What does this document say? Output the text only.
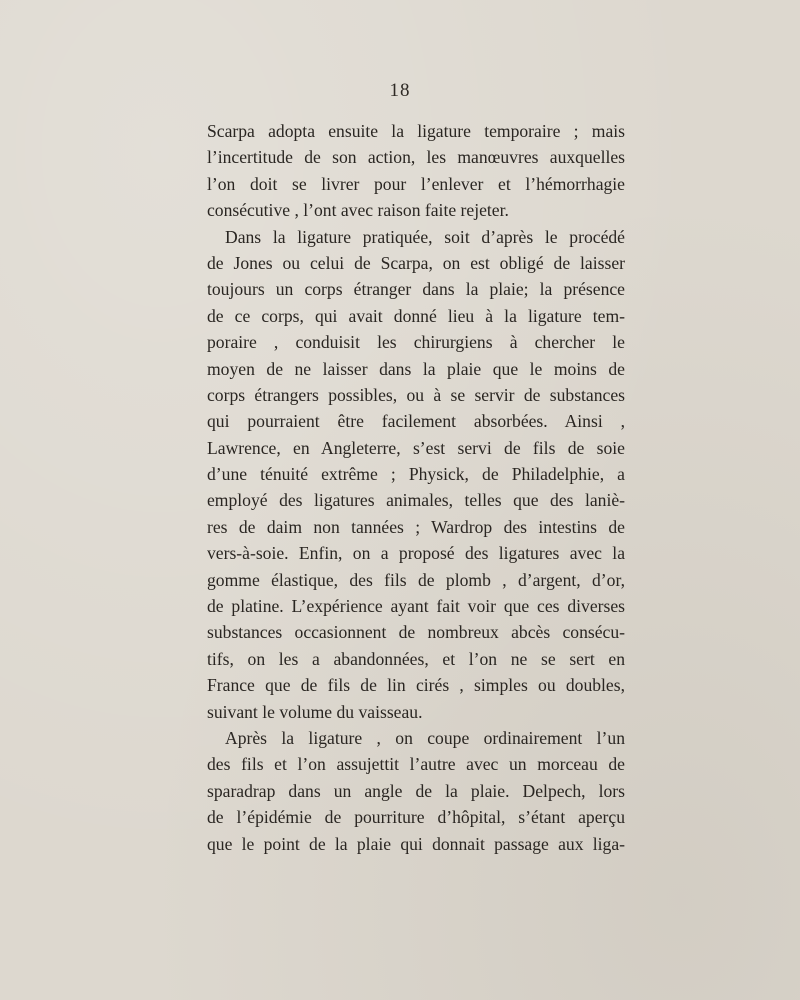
18
Scarpa adopta ensuite la ligature temporaire ; mais
l’incertitude de son action, les manœuvres auxquelles
l’on doit se livrer pour l’enlever et l’hémorrhagie
consécutive , l’ont avec raison faite rejeter.
Dans la ligature pratiquée, soit d’après le procédé
de Jones ou celui de Scarpa, on est obligé de laisser
toujours un corps étranger dans la plaie; la présence
de ce corps, qui avait donné lieu à la ligature tem-
poraire , conduisit les chirurgiens à chercher le
moyen de ne laisser dans la plaie que le moins de
corps étrangers possibles, ou à se servir de substances
qui pourraient être facilement absorbées. Ainsi ,
Lawrence, en Angleterre, s’est servi de fils de soie
d’une ténuité extrême ; Physick, de Philadelphie, a
employé des ligatures animales, telles que des laniè-
res de daim non tannées ; Wardrop des intestins de
vers-à-soie. Enfin, on a proposé des ligatures avec la
gomme élastique, des fils de plomb , d’argent, d’or,
de platine. L’expérience ayant fait voir que ces diverses
substances occasionnent de nombreux abcès consécu-
tifs, on les a abandonnées, et l’on ne se sert en
France que de fils de lin cirés , simples ou doubles,
suivant le volume du vaisseau.
Après la ligature , on coupe ordinairement l’un
des fils et l’on assujettit l’autre avec un morceau de
sparadrap dans un angle de la plaie. Delpech, lors
de l’épidémie de pourriture d’hôpital, s’étant aperçu
que le point de la plaie qui donnait passage aux liga-
